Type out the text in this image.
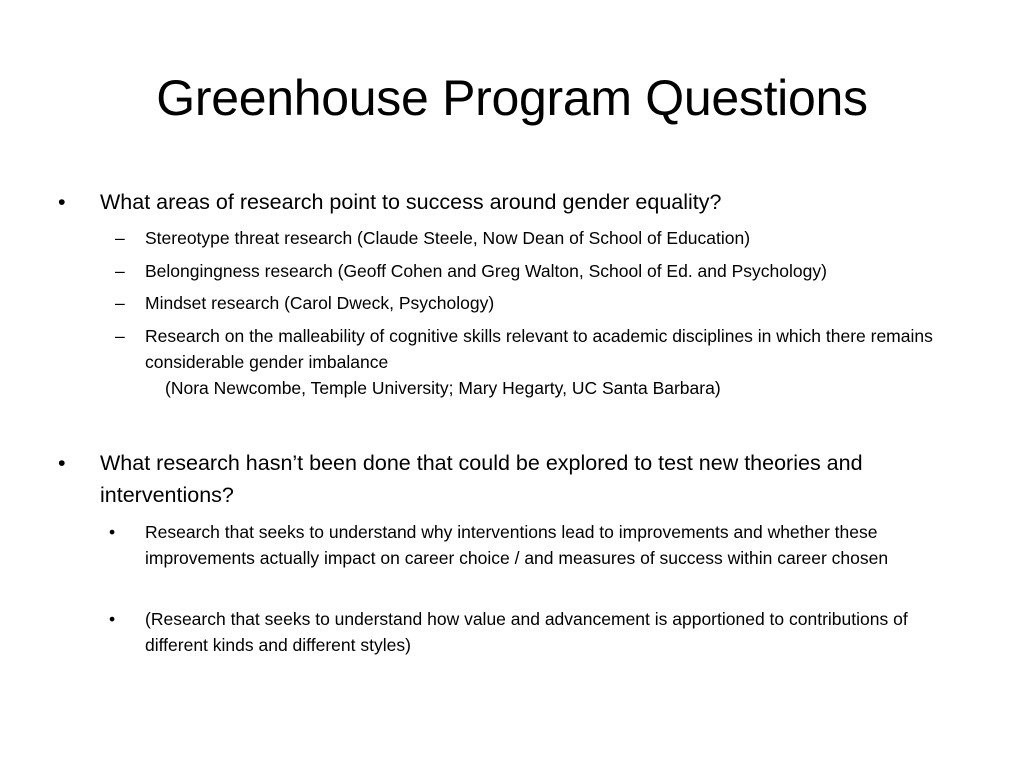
Greenhouse Program Questions
• What areas of research point to success around gender equality?
– Stereotype threat research (Claude Steele, Now Dean of School of Education)
– Belongingness research (Geoff Cohen and Greg Walton, School of Ed. and Psychology)
– Mindset research (Carol Dweck, Psychology)
– Research on the malleability of cognitive skills relevant to academic disciplines in which there remains considerable gender imbalance
(Nora Newcombe, Temple University; Mary Hegarty, UC Santa Barbara)
• What research hasn’t been done that could be explored to test new theories and interventions?
• Research that seeks to understand why interventions lead to improvements and whether these improvements actually impact on career choice / and measures of success within career chosen
• (Research that seeks to understand how value and advancement is apportioned to contributions of different kinds and different styles)
